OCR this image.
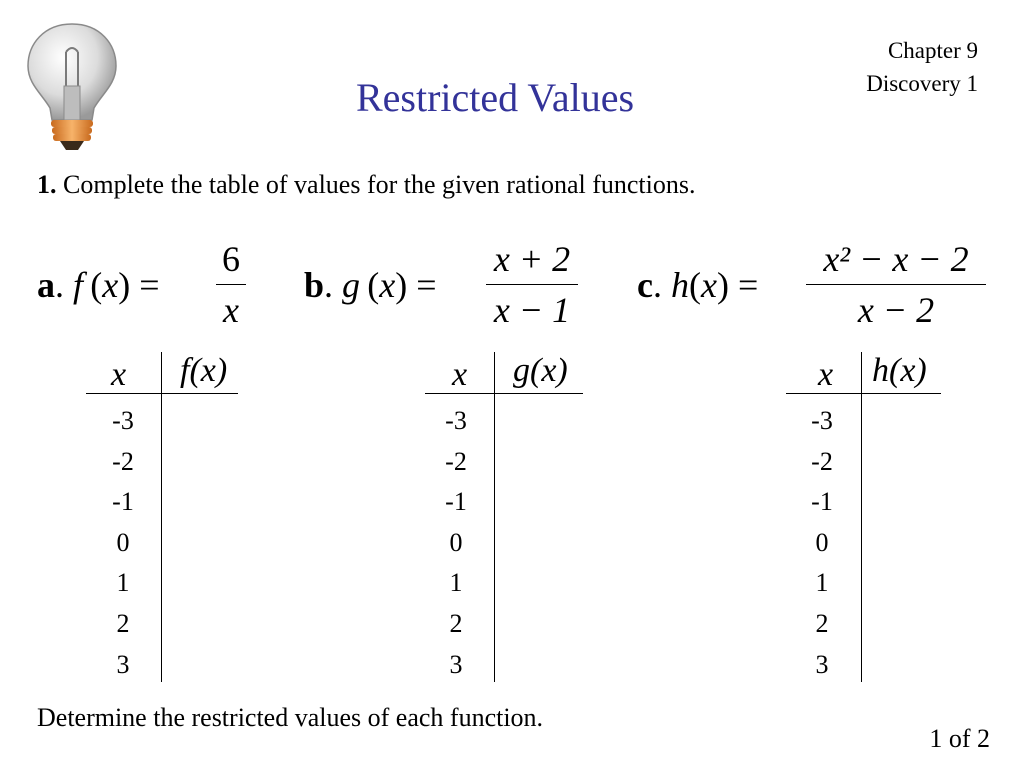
Restricted Values
Chapter 9
Discovery 1
1. Complete the table of values for the given rational functions.
a. f (x) =
6
x
b. g (x) =
x + 2
x − 1
c. h(x) =
x² − x − 2
x − 2
x f(x)
-3
-2
-1
0
1
2
3
x g(x)
-3
-2
-1
0
1
2
3
x h(x)
-3
-2
-1
0
1
2
3
Determine the restricted values of each function.
1 of 2
